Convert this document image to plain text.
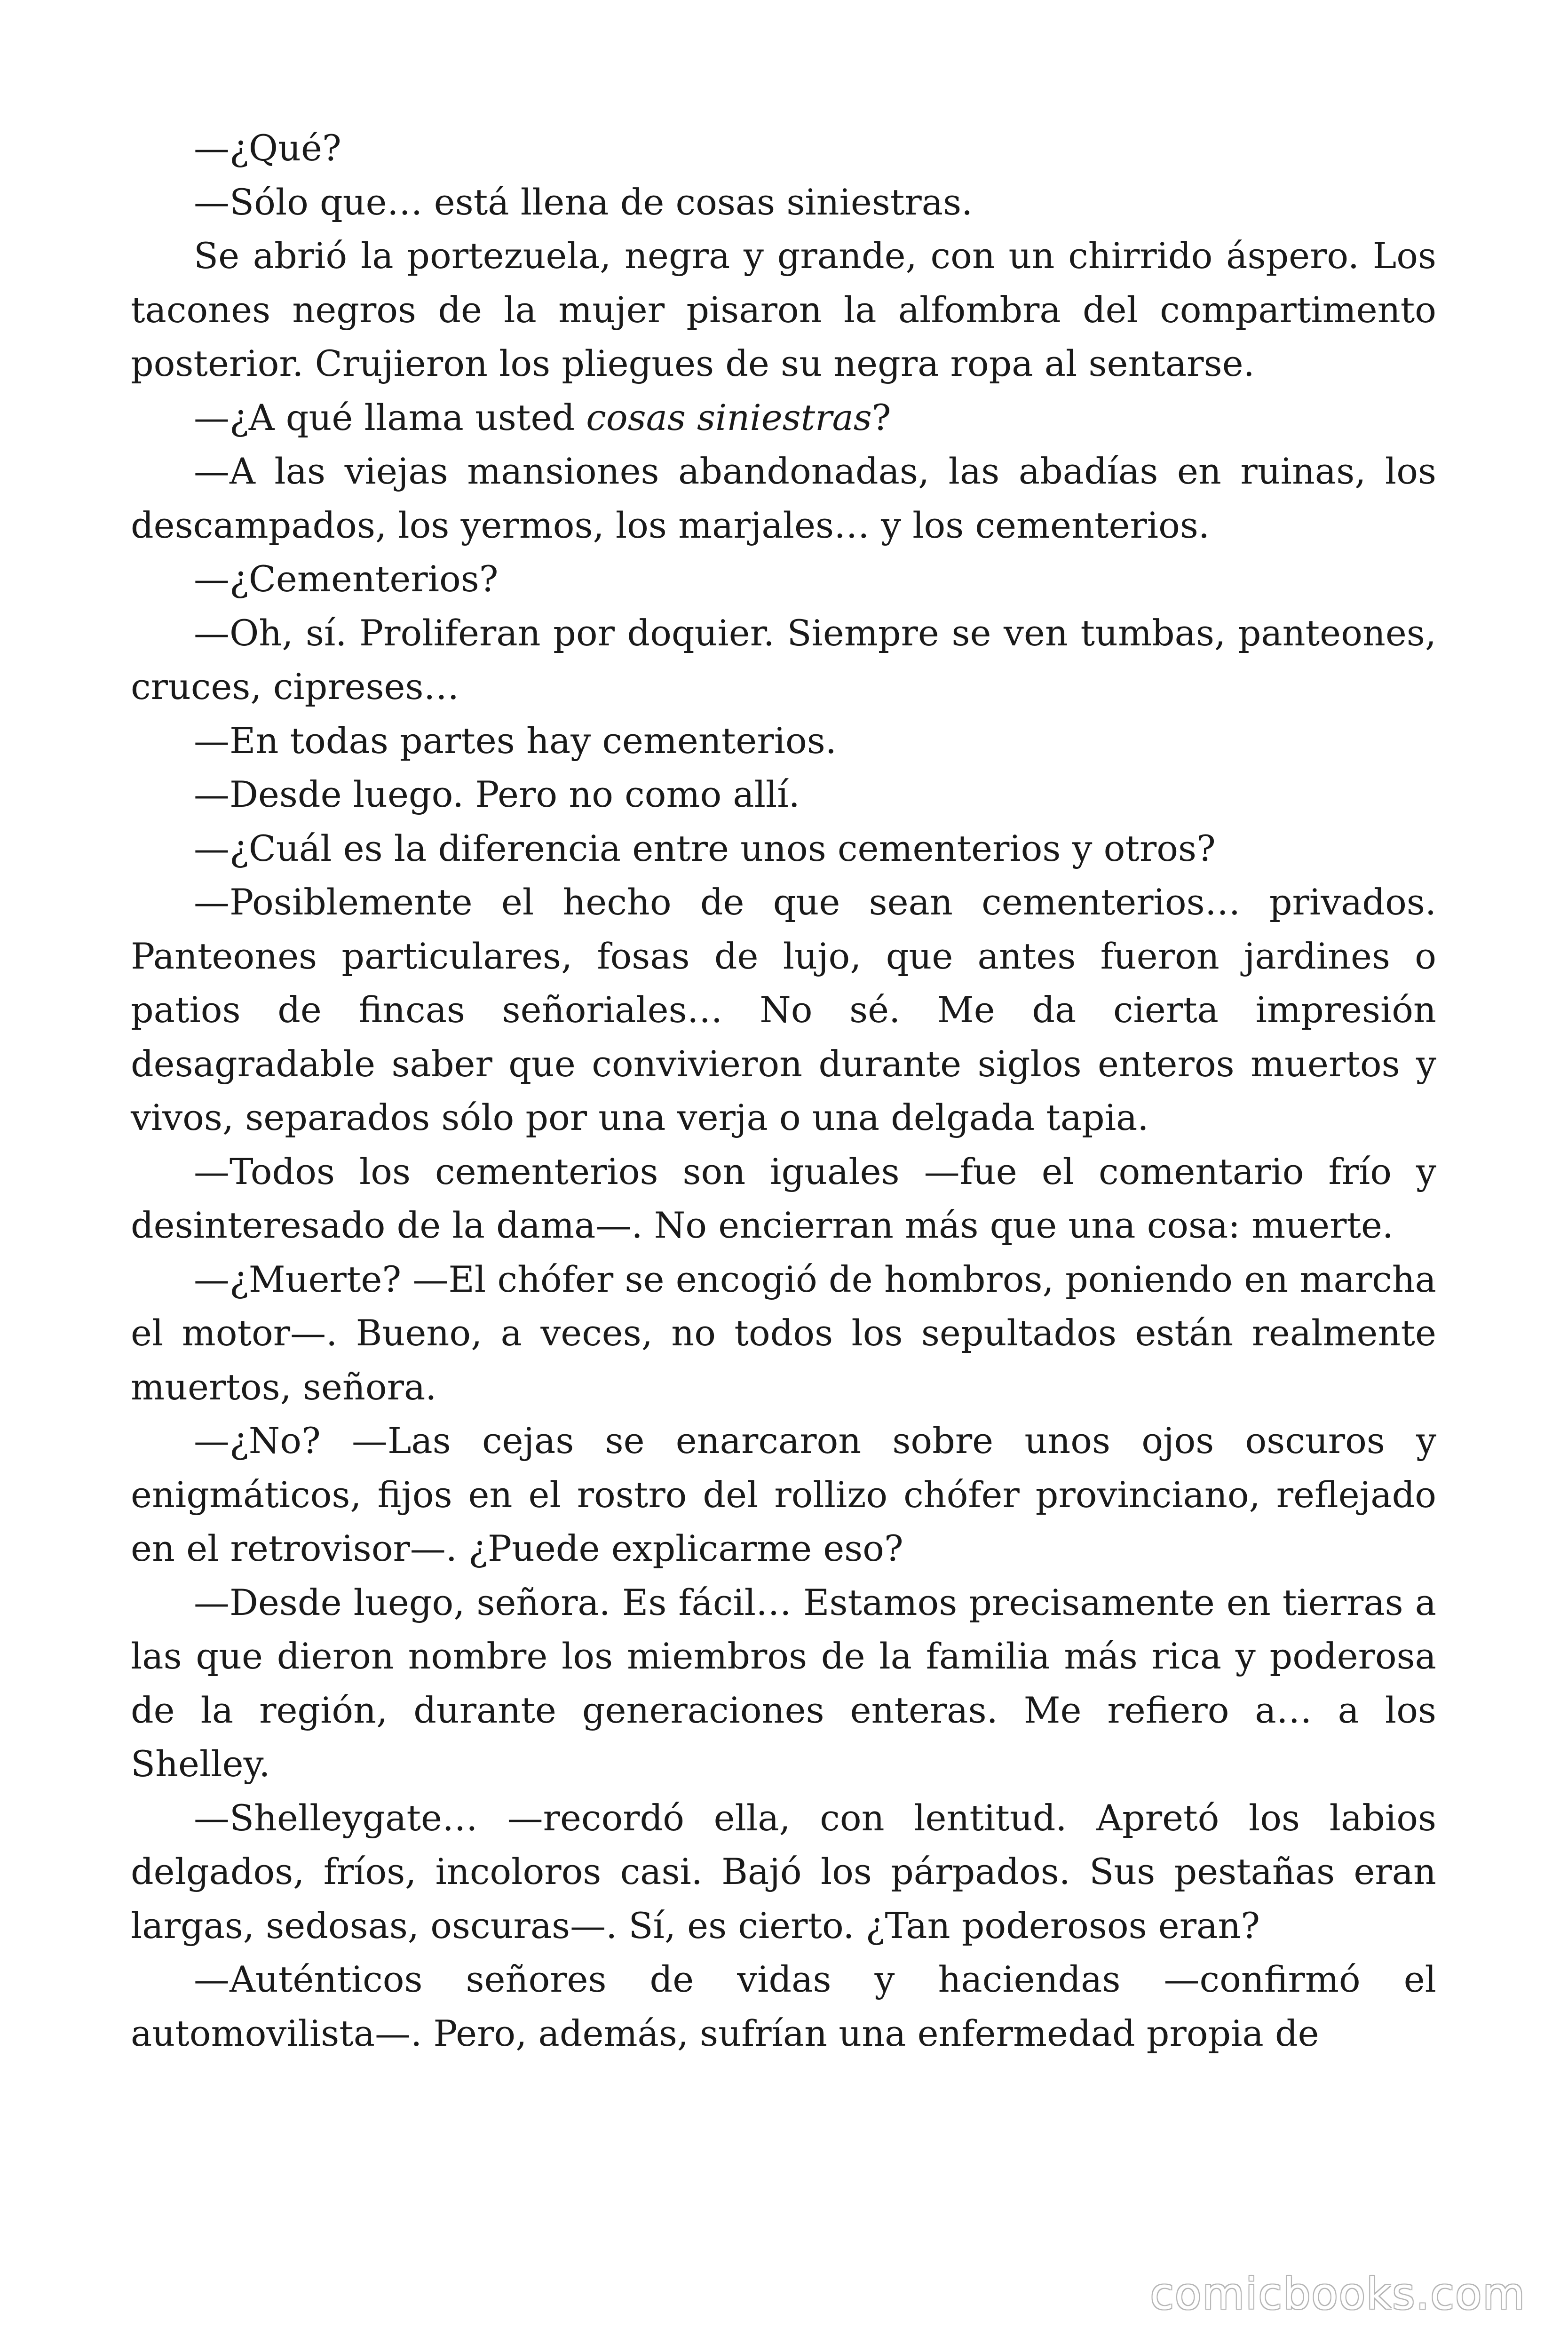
—¿Qué?

—Sólo que… está llena de cosas siniestras.

Se abrió la portezuela, negra y grande, con un chirrido áspero. Los tacones negros de la mujer pisaron la alfombra del compartimento posterior. Crujieron los pliegues de su negra ropa al sentarse.

—¿A qué llama usted cosas siniestras?

—A las viejas mansiones abandonadas, las abadías en ruinas, los descampados, los yermos, los marjales… y los cementerios.

—¿Cementerios?

—Oh, sí. Proliferan por doquier. Siempre se ven tumbas, panteones, cruces, cipreses…

—En todas partes hay cementerios.

—Desde luego. Pero no como allí.

—¿Cuál es la diferencia entre unos cementerios y otros?

—Posiblemente el hecho de que sean cementerios… privados. Panteones particulares, fosas de lujo, que antes fueron jardines o patios de fincas señoriales… No sé. Me da cierta impresión desagradable saber que convivieron durante siglos enteros muertos y vivos, separados sólo por una verja o una delgada tapia.

—Todos los cementerios son iguales —fue el comentario frío y desinteresado de la dama—. No encierran más que una cosa: muerte.

—¿Muerte? —El chófer se encogió de hombros, poniendo en marcha el motor—. Bueno, a veces, no todos los sepultados están realmente muertos, señora.

—¿No? —Las cejas se enarcaron sobre unos ojos oscuros y enigmáticos, fijos en el rostro del rollizo chófer provinciano, reflejado en el retrovisor—. ¿Puede explicarme eso?

—Desde luego, señora. Es fácil… Estamos precisamente en tierras a las que dieron nombre los miembros de la familia más rica y poderosa de la región, durante generaciones enteras. Me refiero a… a los Shelley.

—Shelleygate… —recordó ella, con lentitud. Apretó los labios delgados, fríos, incoloros casi. Bajó los párpados. Sus pestañas eran largas, sedosas, oscuras—. Sí, es cierto. ¿Tan poderosos eran?

—Auténticos señores de vidas y haciendas —confirmó el automovilista—. Pero, además, sufrían una enfermedad propia de

comicbooks.com
